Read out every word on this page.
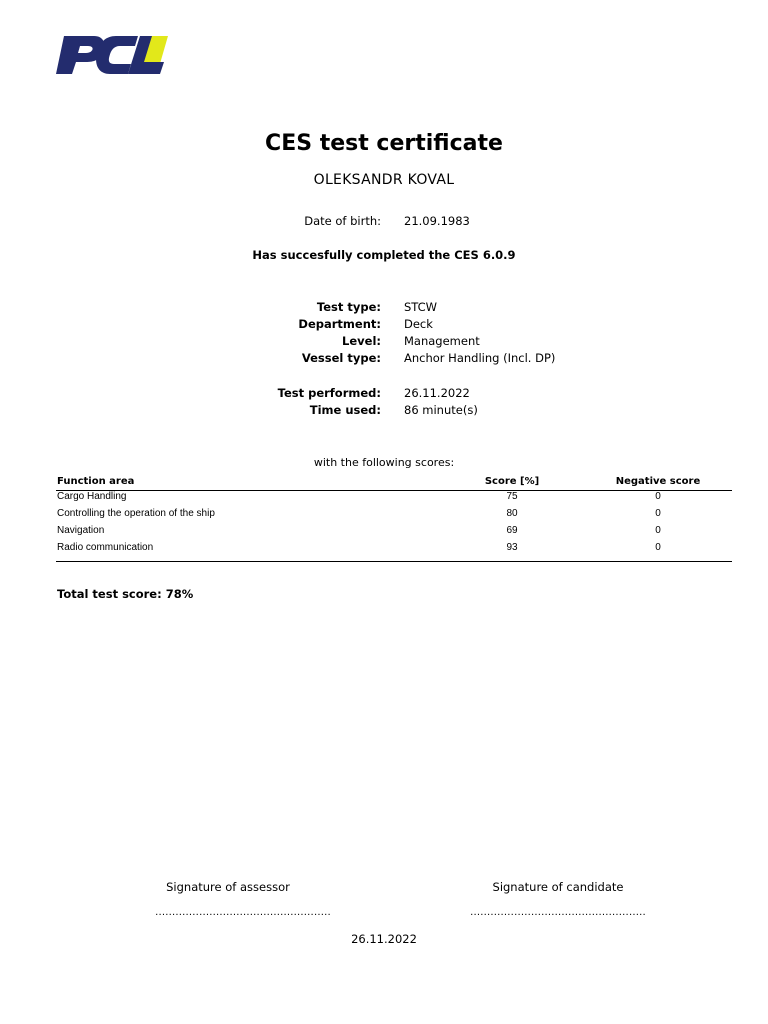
CES test certificate
OLEKSANDR KOVAL
Date of birth: 21.09.1983
Has succesfully completed the CES 6.0.9
Test type: STCW
Department: Deck
Level: Management
Vessel type: Anchor Handling (Incl. DP)
Test performed: 26.11.2022
Time used: 86 minute(s)
with the following scores:
Function area	Score [%]	Negative score
Cargo Handling	75	0
Controlling the operation of the ship	80	0
Navigation	69	0
Radio communication	93	0
Total test score: 78%
Signature of assessor	Signature of candidate
....................................................	....................................................
26.11.2022
